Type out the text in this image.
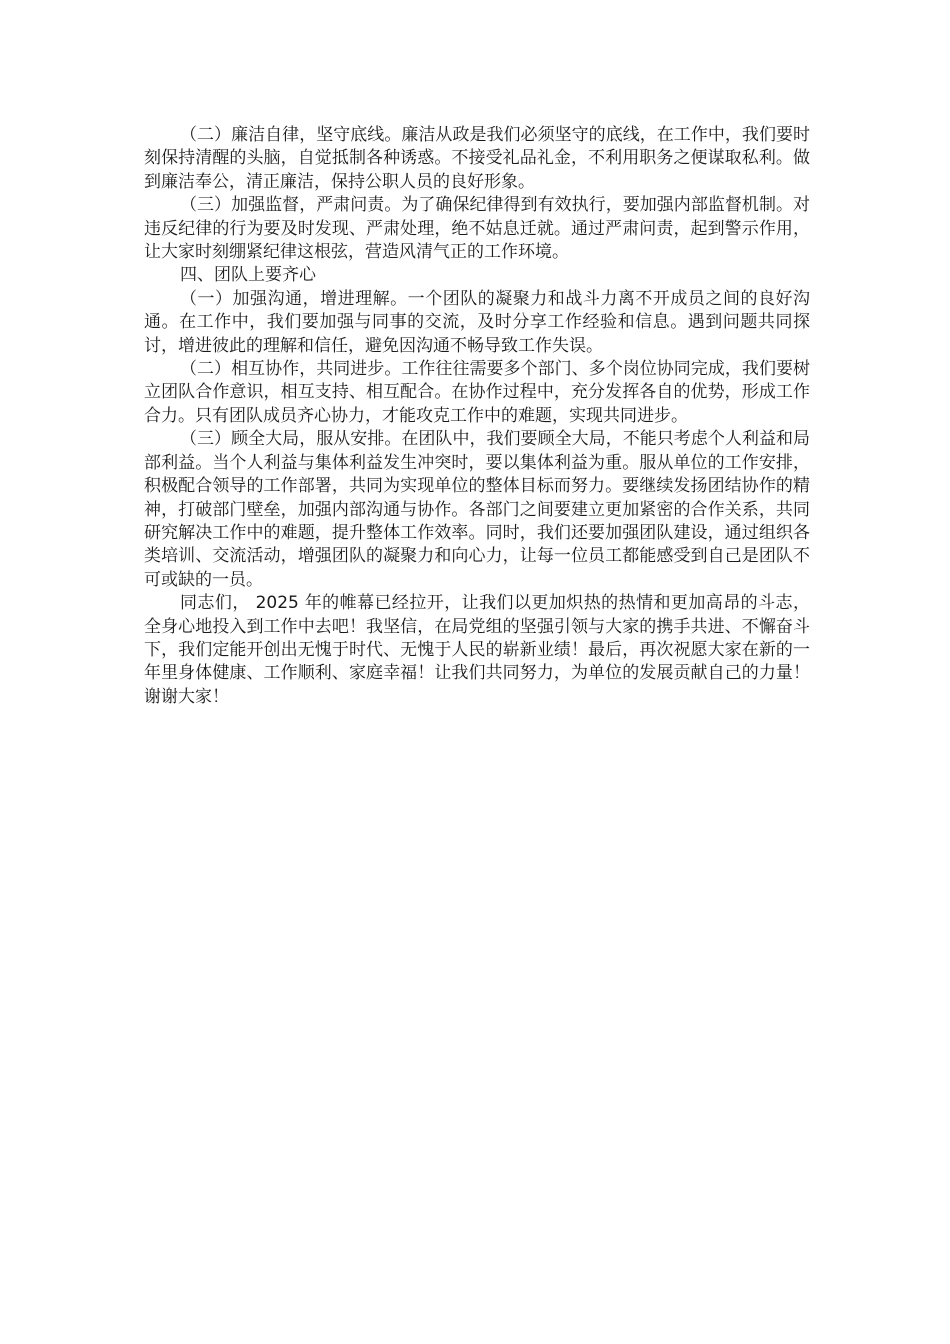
（二）廉洁自律，坚守底线。廉洁从政是我们必须坚守的底线，在工作中，我们要时刻保持清醒的头脑，自觉抵制各种诱惑。不接受礼品礼金，不利用职务之便谋取私利。做到廉洁奉公，清正廉洁，保持公职人员的良好形象。

（三）加强监督，严肃问责。为了确保纪律得到有效执行，要加强内部监督机制。对违反纪律的行为要及时发现、严肃处理，绝不姑息迁就。通过严肃问责，起到警示作用，让大家时刻绷紧纪律这根弦，营造风清气正的工作环境。

四、团队上要齐心

（一）加强沟通，增进理解。一个团队的凝聚力和战斗力离不开成员之间的良好沟通。在工作中，我们要加强与同事的交流，及时分享工作经验和信息。遇到问题共同探讨，增进彼此的理解和信任，避免因沟通不畅导致工作失误。

（二）相互协作，共同进步。工作往往需要多个部门、多个岗位协同完成，我们要树立团队合作意识，相互支持、相互配合。在协作过程中，充分发挥各自的优势，形成工作合力。只有团队成员齐心协力，才能攻克工作中的难题，实现共同进步。

（三）顾全大局，服从安排。在团队中，我们要顾全大局，不能只考虑个人利益和局部利益。当个人利益与集体利益发生冲突时，要以集体利益为重。服从单位的工作安排，积极配合领导的工作部署，共同为实现单位的整体目标而努力。要继续发扬团结协作的精神，打破部门壁垒，加强内部沟通与协作。各部门之间要建立更加紧密的合作关系，共同研究解决工作中的难题，提升整体工作效率。同时，我们还要加强团队建设，通过组织各类培训、交流活动，增强团队的凝聚力和向心力，让每一位员工都能感受到自己是团队不可或缺的一员。

同志们， 2025 年的帷幕已经拉开，让我们以更加炽热的热情和更加高昂的斗志，全身心地投入到工作中去吧！我坚信，在局党组的坚强引领与大家的携手共进、不懈奋斗下，我们定能开创出无愧于时代、无愧于人民的崭新业绩！最后，再次祝愿大家在新的一年里身体健康、工作顺利、家庭幸福！让我们共同努力，为单位的发展贡献自己的力量！谢谢大家！
